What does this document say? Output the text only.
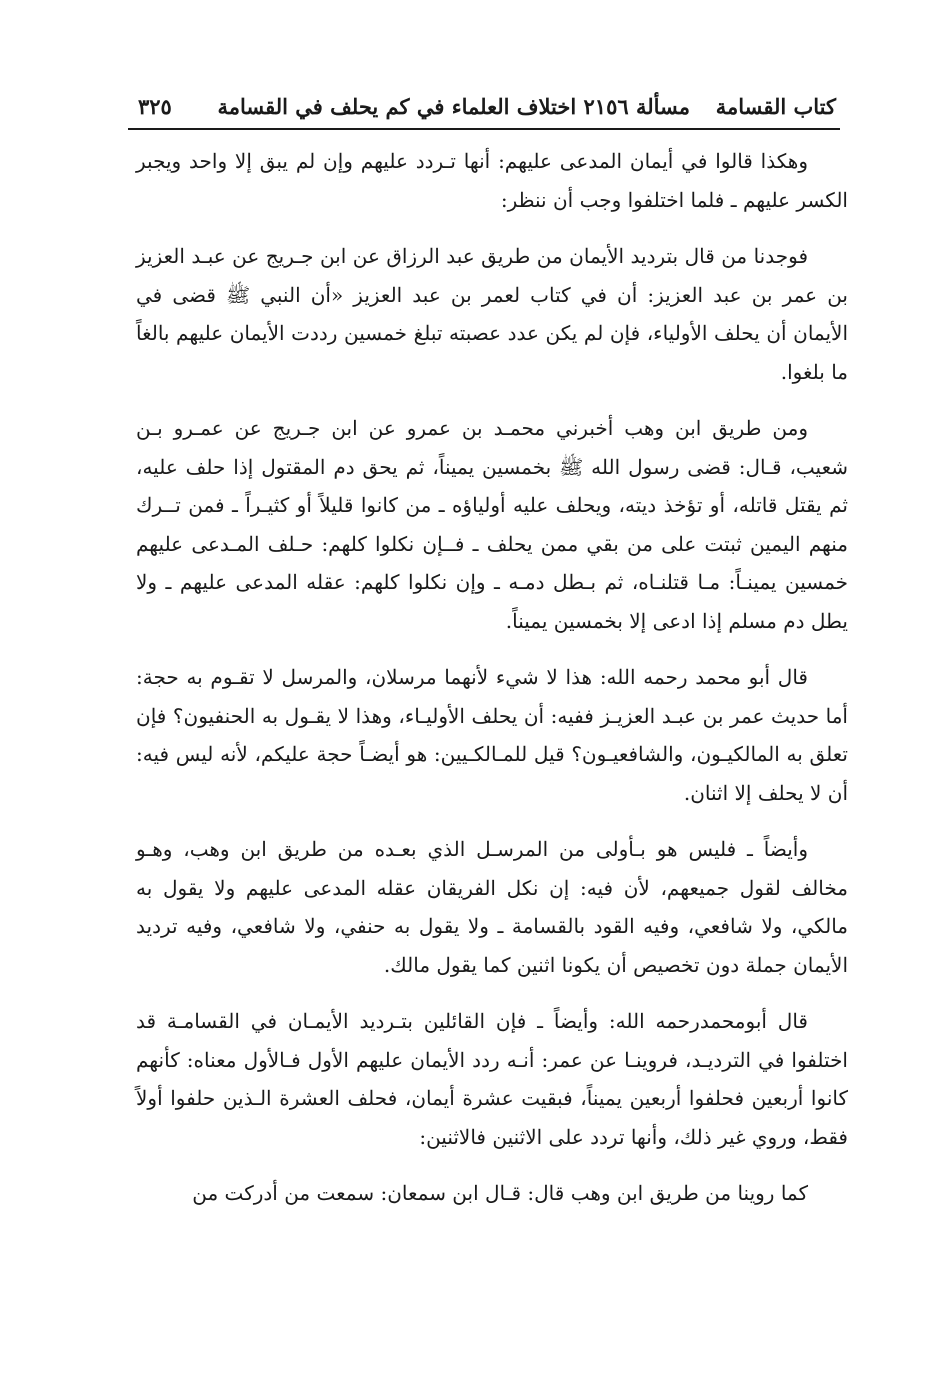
كتاب القسامة
مسألة ٢١٥٦ اختلاف العلماء في كم يحلف في القسامة
٣٢٥

وهكذا قالوا في أيمان المدعى عليهم: أنها تـردد عليهم وإن لم يبق إلا واحد ويجبر الكسر عليهم ـ فلما اختلفوا وجب أن ننظر:

فوجدنا من قال بترديد الأيمان من طريق عبد الرزاق عن ابن جـريج عن عبـد العزيز بن عمر بن عبد العزيز: أن في كتاب لعمر بن عبد العزيز «أن النبي ﷺ قضى في الأيمان أن يحلف الأولياء، فإن لم يكن عدد عصبته تبلغ خمسين رددت الأيمان عليهم بالغاً ما بلغوا.

ومن طريق ابن وهب أخبرني محمـد بن عمرو عن ابن جـريج عن عمـرو بـن شعيب، قـال: قضى رسول الله ﷺ بخمسين يميناً، ثم يحق دم المقتول إذا حلف عليه، ثم يقتل قاتله، أو تؤخذ ديته، ويحلف عليه أولياؤه ـ من كانوا قليلاً أو كثيـراً ـ فمن تــرك منهم اليمين ثبتت على من بقي ممن يحلف ـ فــإن نكلوا كلهم: حـلف المـدعى عليهم خمسين يمينـاً: مـا قتلنـاه، ثم بـطل دمـه ـ وإن نكلوا كلهم: عقله المدعى عليهم ـ ولا يطل دم مسلم إذا ادعى إلا بخمسين يميناً.

قال أبو محمد رحمه الله: هذا لا شيء لأنهما مرسلان، والمرسل لا تقـوم به حجة: أما حديث عمر بن عبـد العزيـز ففيه: أن يحلف الأوليـاء، وهذا لا يقـول به الحنفيون؟ فإن تعلق به المالكيـون، والشافعيـون؟ قيل للمـالكـيين: هو أيضـاً حجة عليكم، لأنه ليس فيه: أن لا يحلف إلا اثنان.

وأيضاً ـ فليس هو بـأولى من المرسـل الذي بعـده من طريق ابن وهب، وهـو مخالف لقول جميعهم، لأن فيه: إن نكل الفريقان عقله المدعى عليهم ولا يقول به مالكي، ولا شافعي، وفيه القود بالقسامة ـ ولا يقول به حنفي، ولا شافعي، وفيه ترديد الأيمان جملة دون تخصيص أن يكونا اثنين كما يقول مالك.

قال أبومحمدرحمه الله: وأيضاً ـ فإن القائلين بتـرديد الأيمـان في القسامـة قد اختلفوا في الترديـد، فروينـا عن عمر: أنـه ردد الأيمان عليهم الأول فـالأول معناه: كأنهم كانوا أربعين فحلفوا أربعين يميناً، فبقيت عشرة أيمان، فحلف العشرة الـذين حلفوا أولاً فقط، وروي غير ذلك، وأنها تردد على الاثنين فالاثنين:

كما روينا من طريق ابن وهب قال: قـال ابن سمعان: سمعت من أدركت من
